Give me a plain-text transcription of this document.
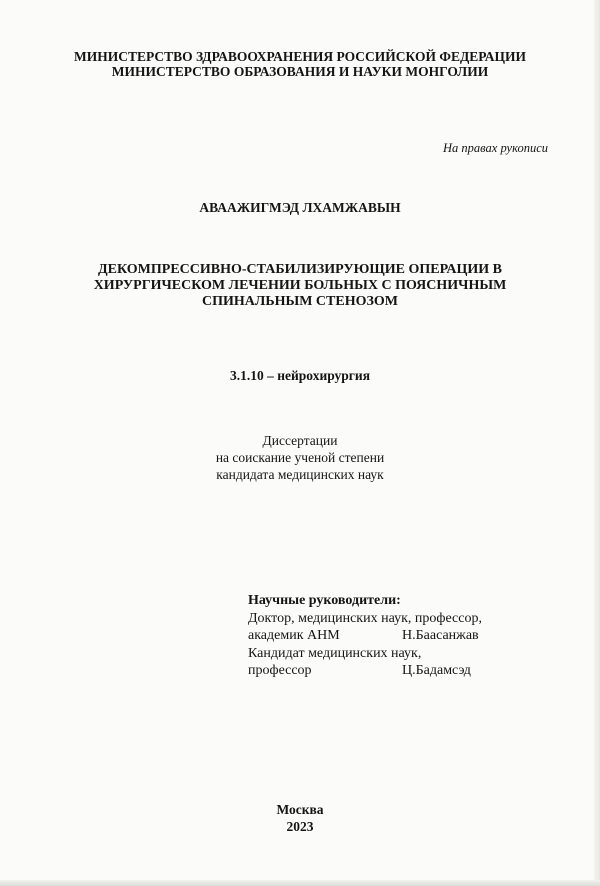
МИНИСТЕРСТВО ЗДРАВООХРАНЕНИЯ РОССИЙСКОЙ ФЕДЕРАЦИИ
МИНИСТЕРСТВО ОБРАЗОВАНИЯ И НАУКИ МОНГОЛИИ
На правах рукописи
АВААЖИГМЭД ЛХАМЖАВЫН
ДЕКОМПРЕССИВНО-СТАБИЛИЗИРУЮЩИЕ ОПЕРАЦИИ В
ХИРУРГИЧЕСКОМ ЛЕЧЕНИИ БОЛЬНЫХ С ПОЯСНИЧНЫМ
СПИНАЛЬНЫМ СТЕНОЗОМ
3.1.10 – нейрохирургия
Диссертации
на соискание ученой степени
кандидата медицинских наук
Научные руководители:
Доктор, медицинских наук, профессор,
академик АНМ	Н.Баасанжав
Кандидат медицинских наук,
профессор	Ц.Бадамсэд
Москва
2023
